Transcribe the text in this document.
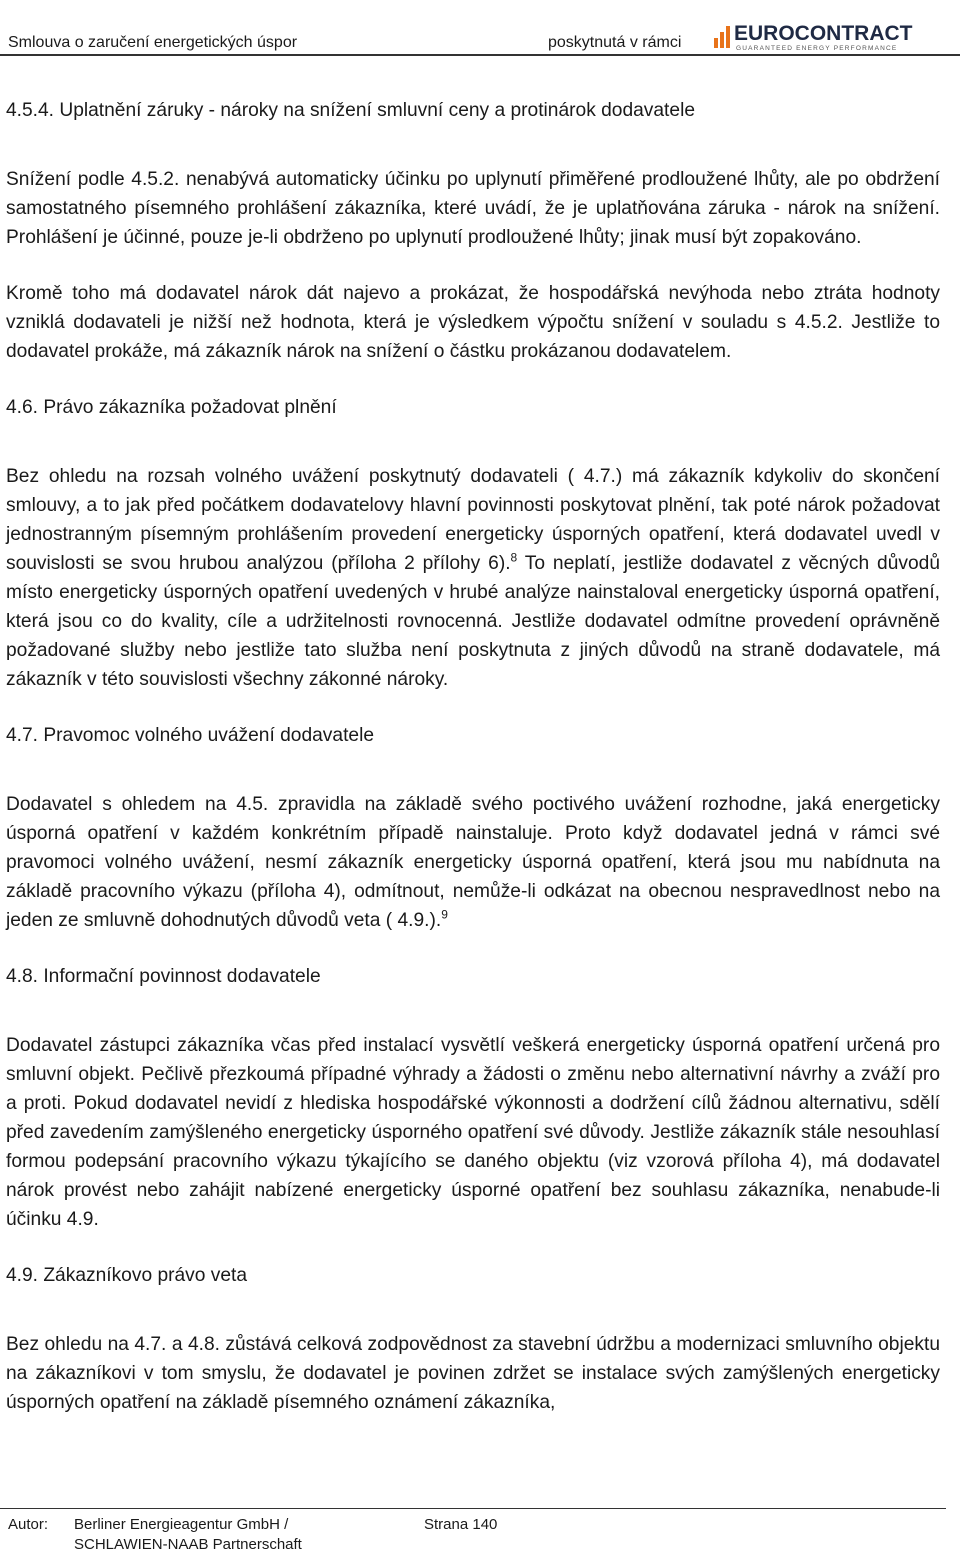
Smlouva o zaručení energetických úspor	poskytnutá v rámci	EUROCONTRACT
GUARANTEED ENERGY PERFORMANCE

4.5.4. Uplatnění záruky - nároky na snížení smluvní ceny a protinárok dodavatele

Snížení podle 4.5.2. nenabývá automaticky účinku po uplynutí přiměřené prodloužené lhůty, ale po obdržení samostatného písemného prohlášení zákazníka, které uvádí, že je uplatňována záruka - nárok na snížení. Prohlášení je účinné, pouze je-li obdrženo po uplynutí prodloužené lhůty; jinak musí být zopakováno.

Kromě toho má dodavatel nárok dát najevo a prokázat, že hospodářská nevýhoda nebo ztráta hodnoty vzniklá dodavateli je nižší než hodnota, která je výsledkem výpočtu snížení v souladu s 4.5.2. Jestliže to dodavatel prokáže, má zákazník nárok na snížení o částku prokázanou dodavatelem.

4.6. Právo zákazníka požadovat plnění

Bez ohledu na rozsah volného uvážení poskytnutý dodavateli ( 4.7.) má zákazník kdykoliv do skončení smlouvy, a to jak před počátkem dodavatelovy hlavní povinnosti poskytovat plnění, tak poté nárok požadovat jednostranným písemným prohlášením provedení energeticky úsporných opatření, která dodavatel uvedl v souvislosti se svou hrubou analýzou (příloha 2 přílohy 6).$^8$ To neplatí, jestliže dodavatel z věcných důvodů místo energeticky úsporných opatření uvedených v hrubé analýze nainstaloval energeticky úsporná opatření, která jsou co do kvality, cíle a udržitelnosti rovnocenná. Jestliže dodavatel odmítne provedení oprávněně požadované služby nebo jestliže tato služba není poskytnuta z jiných důvodů na straně dodavatele, má zákazník v této souvislosti všechny zákonné nároky.

4.7. Pravomoc volného uvážení dodavatele

Dodavatel s ohledem na 4.5. zpravidla na základě svého poctivého uvážení rozhodne, jaká energeticky úsporná opatření v každém konkrétním případě nainstaluje. Proto když dodavatel jedná v rámci své pravomoci volného uvážení, nesmí zákazník energeticky úsporná opatření, která jsou mu nabídnuta na základě pracovního výkazu (příloha 4), odmítnout, nemůže-li odkázat na obecnou nespravedlnost nebo na jeden ze smluvně dohodnutých důvodů veta ( 4.9.).$^9$

4.8. Informační povinnost dodavatele

Dodavatel zástupci zákazníka včas před instalací vysvětlí veškerá energeticky úsporná opatření určená pro smluvní objekt. Pečlivě přezkoumá případné výhrady a žádosti o změnu nebo alternativní návrhy a zváží pro a proti. Pokud dodavatel nevidí z hlediska hospodářské výkonnosti a dodržení cílů žádnou alternativu, sdělí před zavedením zamýšleného energeticky úsporného opatření své důvody. Jestliže zákazník stále nesouhlasí formou podepsání pracovního výkazu týkajícího se daného objektu (viz vzorová příloha 4), má dodavatel nárok provést nebo zahájit nabízené energeticky úsporné opatření bez souhlasu zákazníka, nenabude-li účinku 4.9.

4.9. Zákazníkovo právo veta

Bez ohledu na 4.7. a 4.8. zůstává celková zodpovědnost za stavební údržbu a modernizaci smluvního objektu na zákazníkovi v tom smyslu, že dodavatel je povinen zdržet se instalace svých zamýšlených energeticky úsporných opatření na základě písemného oznámení zákazníka,

Autor: Berliner Energieagentur GmbH /
SCHLAWIEN-NAAB Partnerschaft
Strana 140
